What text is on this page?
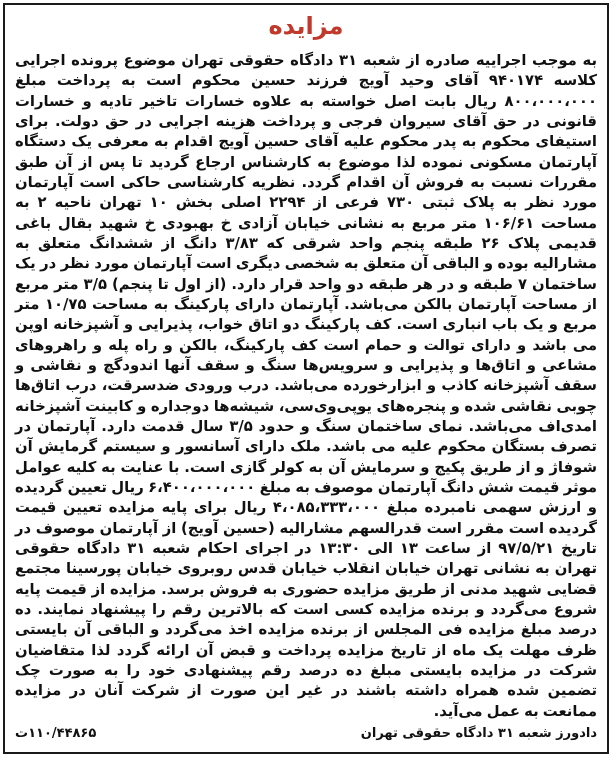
مزایده
به موجب اجراییه صادره از شعبه ۳۱ دادگاه حقوقی تهران موضوع پرونده اجرایی کلاسه ۹۴۰۱۷۴ آقای وحید آویج فرزند حسین محکوم است به پرداخت مبلغ ۸۰۰،۰۰۰،۰۰۰ ریال بابت اصل خواسته به علاوه خسارات تاخیر تادیه و خسارات قانونی در حق آقای سیروان فرجی و پرداخت هزینه اجرایی در حق دولت. برای استیفای محکوم به پدر محکوم علیه آقای حسین آویج اقدام به معرفی یک دستگاه آپارتمان مسکونی نموده لذا موضوع به کارشناس ارجاع گردید تا پس از آن طبق مقررات نسبت به فروش آن اقدام گردد. نظریه کارشناسی حاکی است آپارتمان مورد نظر به پلاک ثبتی ۷۳۰ فرعی از ۲۲۹۴ اصلی بخش ۱۰ تهران ناحیه ۲ به مساحت ۱۰۶/۶۱ متر مربع به نشانی خیابان آزادی خ بهبودی خ شهید بقال باغی قدیمی پلاک ۲۶ طبقه پنجم واحد شرقی که ۳/۸۳ دانگ از ششدانگ متعلق به مشارالیه بوده و الباقی آن متعلق به شخصی دیگری است آپارتمان مورد نظر در یک ساختمان ۷ طبقه و در هر طبقه دو واحد قرار دارد. (از اول تا پنجم) ۳/۵ متر مربع از مساحت آپارتمان بالکن می‌باشد. آپارتمان دارای پارکینگ به مساحت ۱۰/۷۵ متر مربع و یک باب انباری است. کف پارکینگ دو اتاق خواب، پذیرایی و آشپزخانه اوپن می باشد و دارای توالت و حمام است کف پارکینگ، بالکن و راه پله و راهروهای مشاعی و اتاق‌ها و پذیرایی و سرویس‌ها سنگ و سقف آنها اندودگچ و نقاشی و سقف آشپزخانه کاذب و ابزارخورده می‌باشد. درب ورودی ضدسرقت، درب اتاق‌ها چوبی نقاشی شده و پنجره‌های یوپی‌وی‌سی، شیشه‌ها دوجداره و کابینت آشپزخانه امدی‌اف می‌باشد. نمای ساختمان سنگ و حدود ۳/۵ سال قدمت دارد. آپارتمان در تصرف بستگان محکوم علیه می باشد. ملک دارای آسانسور و سیستم گرمایش آن شوفاژ و از طریق پکیج و سرمایش آن به کولر گازی است. با عنایت به کلیه عوامل موثر قیمت شش دانگ آپارتمان موصوف به مبلغ ۶،۴۰۰،۰۰۰،۰۰۰ ریال تعیین گردیده و ارزش سهمی نامبرده مبلغ ۴،۰۸۵،۳۳۳،۰۰۰ ریال برای پایه مزایده تعیین قیمت گردیده است مقرر است قدرالسهم مشارالیه (حسین آویج) از آپارتمان موصوف در تاریخ ۹۷/۵/۲۱ از ساعت ۱۳ الی ۱۳:۳۰ در اجرای احکام شعبه ۳۱ دادگاه حقوقی تهران به نشانی تهران خیابان انقلاب خیابان قدس روبروی خیابان پورسینا مجتمع قضایی شهید مدنی از طریق مزایده حضوری به فروش برسد. مزایده از قیمت پایه شروع می‌گردد و برنده مزایده کسی است که بالاترین رقم را پیشنهاد نمایند. ده درصد مبلغ مزایده فی المجلس از برنده مزایده اخذ می‌گردد و الباقی آن بایستی ظرف مهلت یک ماه از تاریخ مزایده پرداخت و قبض آن ارائه گردد لذا متقاضیان شرکت در مزایده بایستی مبلغ ده درصد رقم پیشنهادی خود را به صورت چک تضمین شده همراه داشته باشند در غیر این صورت از شرکت آنان در مزایده ممانعت به عمل می‌آید.
دادورز شعبه ۳۱ دادگاه حقوقی تهران
۱۱۰/۴۴۸۶۵ت
